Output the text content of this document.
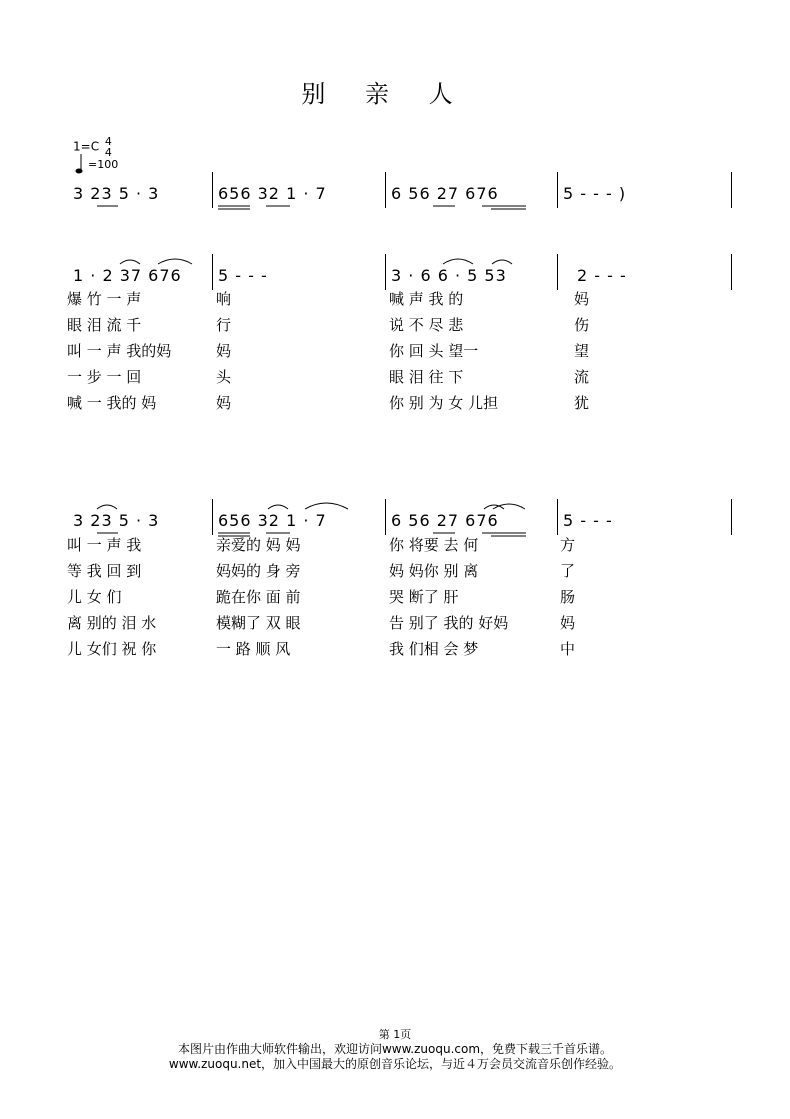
别 亲 人
1=C 4
4
=100
3 23 5 · 3	656 32 1 · 7	6 56 27 676	5 - - - )
1 · 2 37 676 5 - - -	3 · 6 6 · 5 53	2 - - -
爆 竹 一 声	响	喊 声 我 的	妈
眼 泪 流 千	行	说 不 尽 悲	伤
叫 一 声 我的妈	妈	你 回 头 望一	望
一 步 一 回	头	眼 泪 往 下	流
喊 一 我的 妈	妈	你 别 为 女 儿担	犹
3 23 5 · 3	656 32 1 · 7	6 56 27 676	5 - - -
叫 一 声 我	亲爱的 妈 妈	你 将要 去 何	方
等 我 回 到	妈妈的 身 旁	妈 妈你 别 离	了
儿 女 们	跪在你 面 前	哭 断了 肝	肠
离 别的 泪 水	模糊了 双 眼	告 别了 我的 好妈	妈
儿 女们 祝 你	一 路 顺 风	我 们相 会 梦	中
第 1页
本图片由作曲大师软件输出，欢迎访问www.zuoqu.com，免费下载三千首乐谱。
www.zuoqu.net，加入中国最大的原创音乐论坛，与近４万会员交流音乐创作经验。
